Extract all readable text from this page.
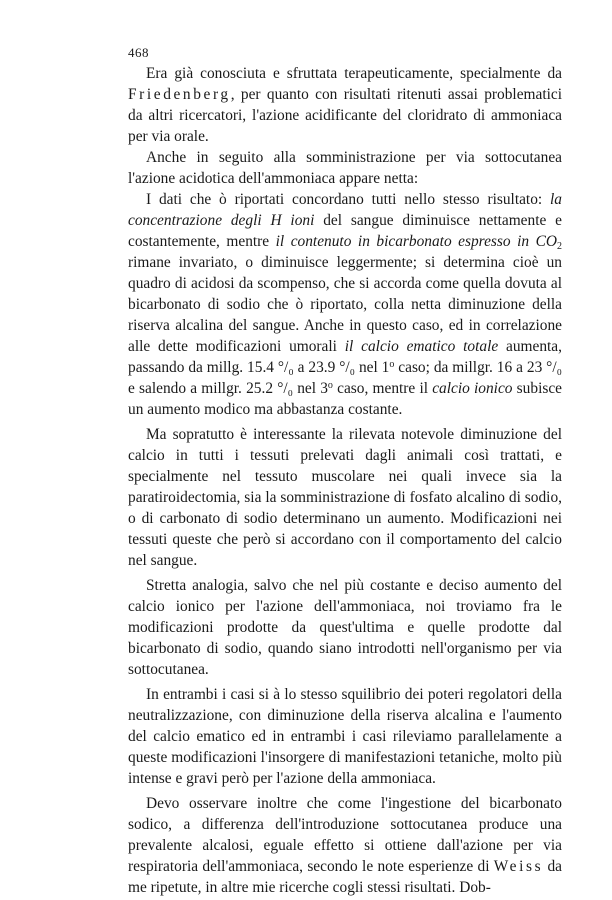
468

Era già conosciuta e sfruttata terapeuticamente, specialmente da Friedenberg, per quanto con risultati ritenuti assai problematici da altri ricercatori, l'azione acidificante del cloridrato di ammoniaca per via orale.

Anche in seguito alla somministrazione per via sottocutanea l'azione acidotica dell'ammoniaca appare netta:

I dati che ò riportati concordano tutti nello stesso risultato: la concentrazione degli H ioni del sangue diminuisce nettamente e costantemente, mentre il contenuto in bicarbonato espresso in $CO_2$ rimane invariato, o diminuisce leggermente; si determina cioè un quadro di acidosi da scompenso, che si accorda come quella dovuta al bicarbonato di sodio che ò riportato, colla netta diminuzione della riserva alcalina del sangue. Anche in questo caso, ed in correlazione alle dette modificazioni umorali il calcio ematico totale aumenta, passando da millg. 15.4 °/₀ a 23.9 °/₀ nel 1$^o$ caso; da millgr. 16 a 23 °/₀ e salendo a millgr. 25.2 °/₀ nel 3$^o$ caso, mentre il calcio ionico subisce un aumento modico ma abbastanza costante.

Ma sopratutto è interessante la rilevata notevole diminuzione del calcio in tutti i tessuti prelevati dagli animali così trattati, e specialmente nel tessuto muscolare nei quali invece sia la paratiroidectomia, sia la somministrazione di fosfato alcalino di sodio, o di carbonato di sodio determinano un aumento. Modificazioni nei tessuti queste che però si accordano con il comportamento del calcio nel sangue.

Stretta analogia, salvo che nel più costante e deciso aumento del calcio ionico per l'azione dell'ammoniaca, noi troviamo fra le modificazioni prodotte da quest'ultima e quelle prodotte dal bicarbonato di sodio, quando siano introdotti nell'organismo per via sottocutanea.

In entrambi i casi si à lo stesso squilibrio dei poteri regolatori della neutralizzazione, con diminuzione della riserva alcalina e l'aumento del calcio ematico ed in entrambi i casi rileviamo parallelamente a queste modificazioni l'insorgere di manifestazioni tetaniche, molto più intense e gravi però per l'azione della ammoniaca.

Devo osservare inoltre che come l'ingestione del bicarbonato sodico, a differenza dell'introduzione sottocutanea produce una prevalente alcalosi, eguale effetto si ottiene dall'azione per via respiratoria dell'ammoniaca, secondo le note esperienze di Weiss da me ripetute, in altre mie ricerche cogli stessi risultati. Dob-
